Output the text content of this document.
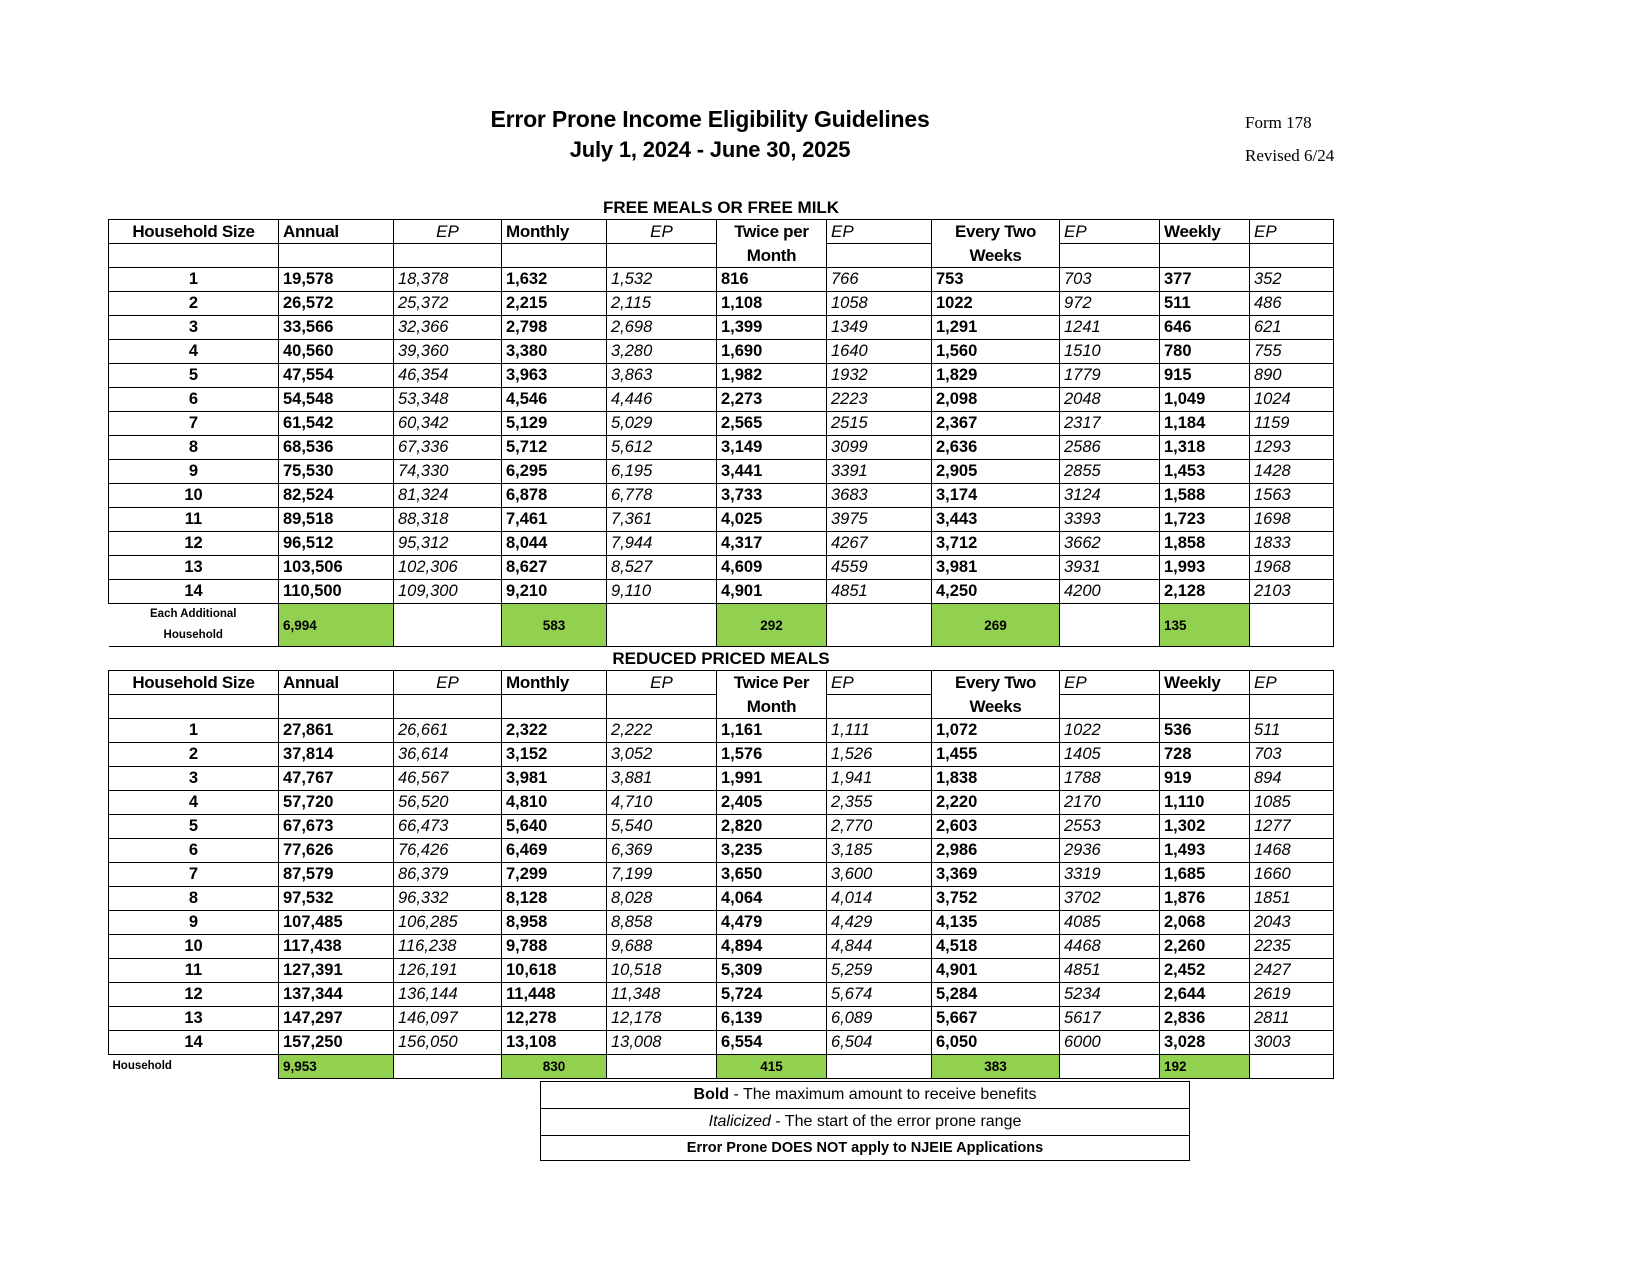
Error Prone Income Eligibility Guidelines
July 1, 2024 - June 30, 2025
Form 178
Revised 6/24
FREE MEALS OR FREE MILK										
Household Size	Annual	EP	Monthly	EP	Twice per	EP	Every Two	EP	Weekly	EP
					Month		Weeks			
1	19,578	18,378	1,632	1,532	816	766	753	703	377	352
2	26,572	25,372	2,215	2,115	1,108	1058	1022	972	511	486
3	33,566	32,366	2,798	2,698	1,399	1349	1,291	1241	646	621
4	40,560	39,360	3,380	3,280	1,690	1640	1,560	1510	780	755
5	47,554	46,354	3,963	3,863	1,982	1932	1,829	1779	915	890
6	54,548	53,348	4,546	4,446	2,273	2223	2,098	2048	1,049	1024
7	61,542	60,342	5,129	5,029	2,565	2515	2,367	2317	1,184	1159
8	68,536	67,336	5,712	5,612	3,149	3099	2,636	2586	1,318	1293
9	75,530	74,330	6,295	6,195	3,441	3391	2,905	2855	1,453	1428
10	82,524	81,324	6,878	6,778	3,733	3683	3,174	3124	1,588	1563
11	89,518	88,318	7,461	7,361	4,025	3975	3,443	3393	1,723	1698
12	96,512	95,312	8,044	7,944	4,317	4267	3,712	3662	1,858	1833
13	103,506	102,306	8,627	8,527	4,609	4559	3,981	3931	1,993	1968
14	110,500	109,300	9,210	9,110	4,901	4851	4,250	4200	2,128	2103
Each Additional
Household	6,994		583		292		269		135	
REDUCED PRICED MEALS										
Household Size	Annual	EP	Monthly	EP	Twice Per	EP	Every Two	EP	Weekly	EP
					Month		Weeks			
1	27,861	26,661	2,322	2,222	1,161	1,111	1,072	1022	536	511
2	37,814	36,614	3,152	3,052	1,576	1,526	1,455	1405	728	703
3	47,767	46,567	3,981	3,881	1,991	1,941	1,838	1788	919	894
4	57,720	56,520	4,810	4,710	2,405	2,355	2,220	2170	1,110	1085
5	67,673	66,473	5,640	5,540	2,820	2,770	2,603	2553	1,302	1277
6	77,626	76,426	6,469	6,369	3,235	3,185	2,986	2936	1,493	1468
7	87,579	86,379	7,299	7,199	3,650	3,600	3,369	3319	1,685	1660
8	97,532	96,332	8,128	8,028	4,064	4,014	3,752	3702	1,876	1851
9	107,485	106,285	8,958	8,858	4,479	4,429	4,135	4085	2,068	2043
10	117,438	116,238	9,788	9,688	4,894	4,844	4,518	4468	2,260	2235
11	127,391	126,191	10,618	10,518	5,309	5,259	4,901	4851	2,452	2427
12	137,344	136,144	11,448	11,348	5,724	5,674	5,284	5234	2,644	2619
13	147,297	146,097	12,278	12,178	6,139	6,089	5,667	5617	2,836	2811
14	157,250	156,050	13,108	13,008	6,554	6,504	6,050	6000	3,028	3003
Household	9,953		830		415		383		192	
Bold - The maximum amount to receive benefits
Italicized - The start of the error prone range
Error Prone DOES NOT apply to NJEIE Applications
